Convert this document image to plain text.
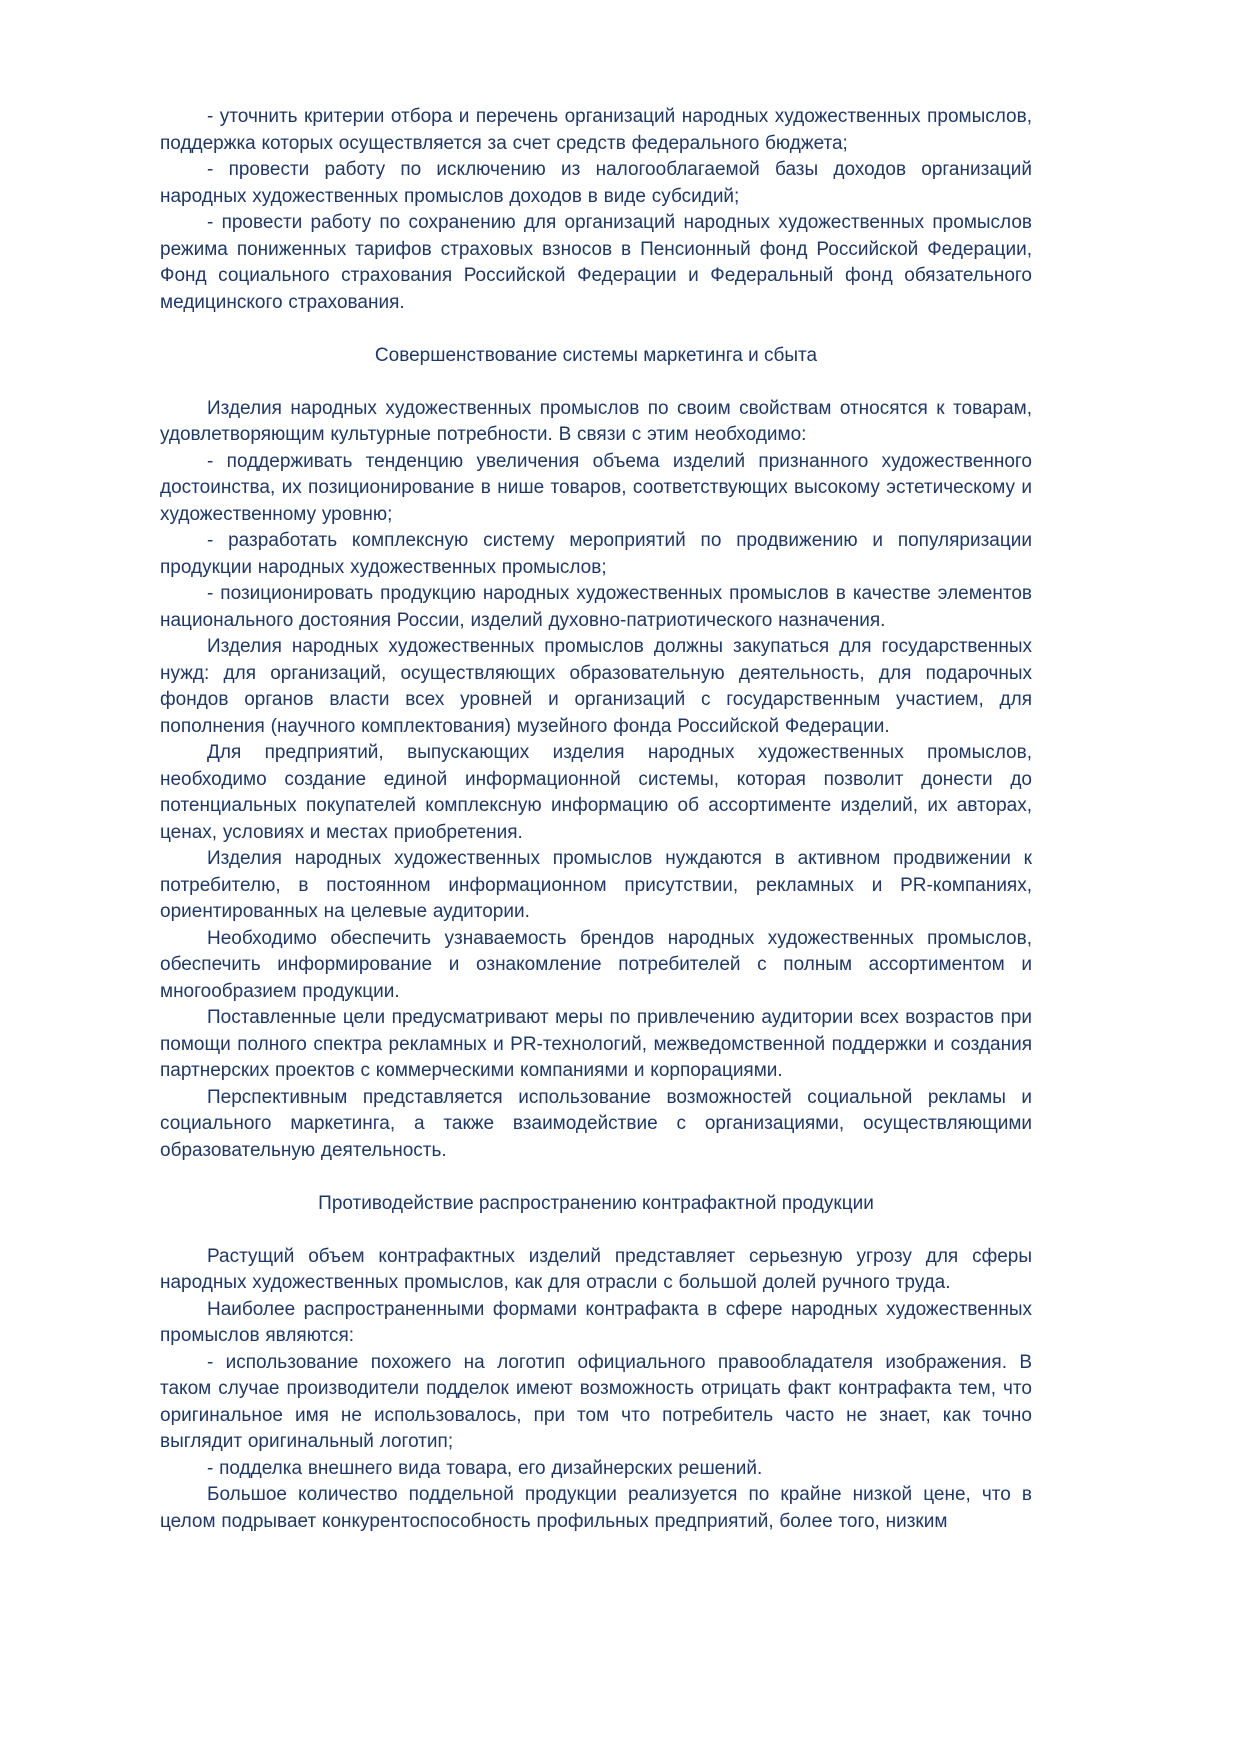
- уточнить критерии отбора и перечень организаций народных художественных промыслов, поддержка которых осуществляется за счет средств федерального бюджета;

- провести работу по исключению из налогооблагаемой базы доходов организаций народных художественных промыслов доходов в виде субсидий;

- провести работу по сохранению для организаций народных художественных промыслов режима пониженных тарифов страховых взносов в Пенсионный фонд Российской Федерации, Фонд социального страхования Российской Федерации и Федеральный фонд обязательного медицинского страхования.

Совершенствование системы маркетинга и сбыта

Изделия народных художественных промыслов по своим свойствам относятся к товарам, удовлетворяющим культурные потребности. В связи с этим необходимо:

- поддерживать тенденцию увеличения объема изделий признанного художественного достоинства, их позиционирование в нише товаров, соответствующих высокому эстетическому и художественному уровню;

- разработать комплексную систему мероприятий по продвижению и популяризации продукции народных художественных промыслов;

- позиционировать продукцию народных художественных промыслов в качестве элементов национального достояния России, изделий духовно-патриотического назначения.

Изделия народных художественных промыслов должны закупаться для государственных нужд: для организаций, осуществляющих образовательную деятельность, для подарочных фондов органов власти всех уровней и организаций с государственным участием, для пополнения (научного комплектования) музейного фонда Российской Федерации.

Для предприятий, выпускающих изделия народных художественных промыслов, необходимо создание единой информационной системы, которая позволит донести до потенциальных покупателей комплексную информацию об ассортименте изделий, их авторах, ценах, условиях и местах приобретения.

Изделия народных художественных промыслов нуждаются в активном продвижении к потребителю, в постоянном информационном присутствии, рекламных и PR-компаниях, ориентированных на целевые аудитории.

Необходимо обеспечить узнаваемость брендов народных художественных промыслов, обеспечить информирование и ознакомление потребителей с полным ассортиментом и многообразием продукции.

Поставленные цели предусматривают меры по привлечению аудитории всех возрастов при помощи полного спектра рекламных и PR-технологий, межведомственной поддержки и создания партнерских проектов с коммерческими компаниями и корпорациями.

Перспективным представляется использование возможностей социальной рекламы и социального маркетинга, а также взаимодействие с организациями, осуществляющими образовательную деятельность.

Противодействие распространению контрафактной продукции

Растущий объем контрафактных изделий представляет серьезную угрозу для сферы народных художественных промыслов, как для отрасли с большой долей ручного труда.

Наиболее распространенными формами контрафакта в сфере народных художественных промыслов являются:

- использование похожего на логотип официального правообладателя изображения. В таком случае производители подделок имеют возможность отрицать факт контрафакта тем, что оригинальное имя не использовалось, при том что потребитель часто не знает, как точно выглядит оригинальный логотип;

- подделка внешнего вида товара, его дизайнерских решений.

Большое количество поддельной продукции реализуется по крайне низкой цене, что в целом подрывает конкурентоспособность профильных предприятий, более того, низким
